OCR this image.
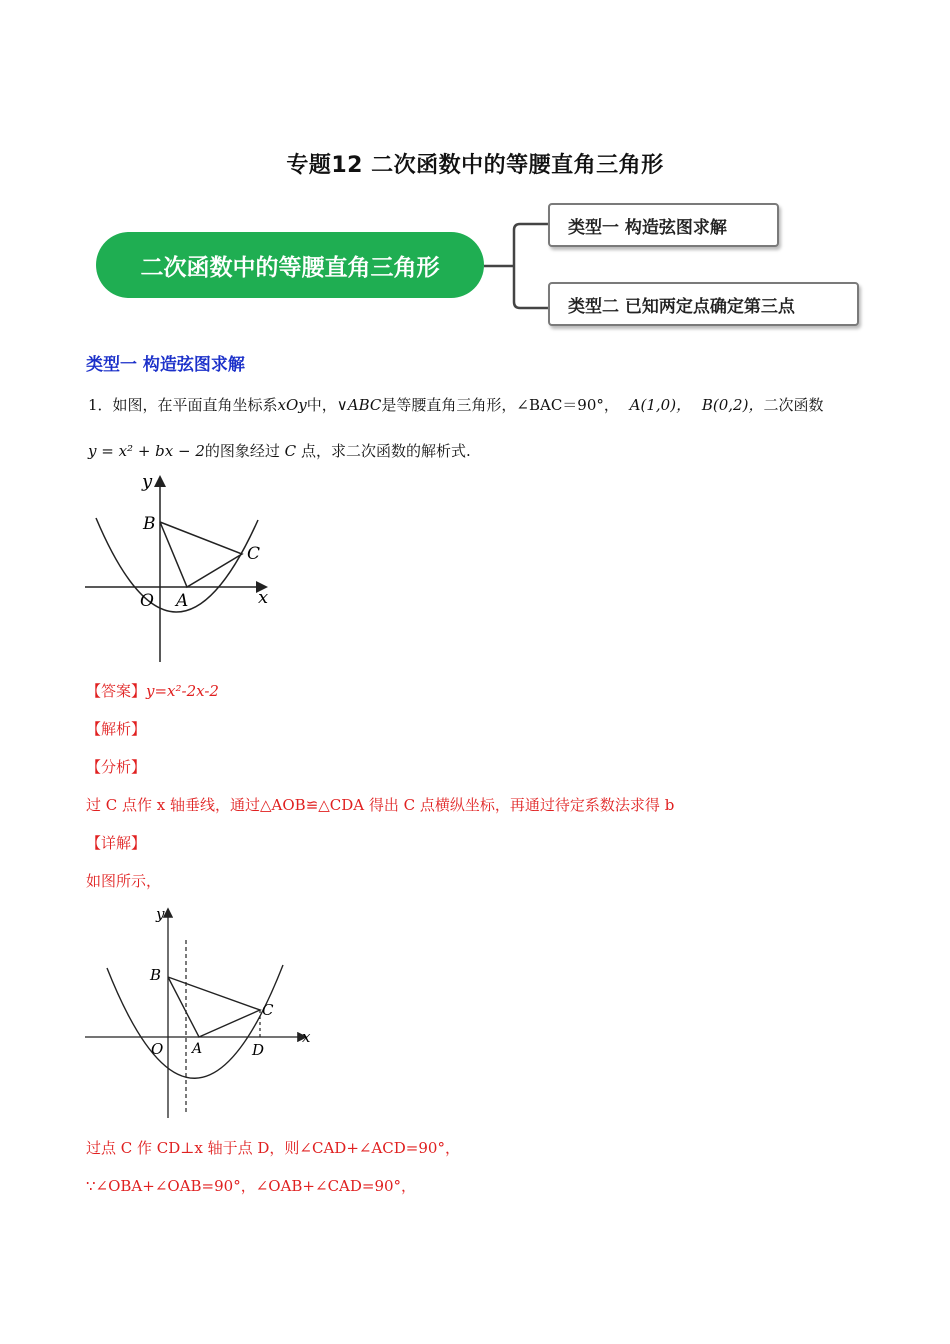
专题12 二次函数中的等腰直角三角形
二次函数中的等腰直角三角形
类型一 构造弦图求解
类型二 已知两定点确定第三点
类型一 构造弦图求解
1．如图，在平面直角坐标系xOy中，∨ABC是等腰直角三角形，∠BAC＝90°， A(1,0)， B(0,2)，二次函数
y = x² + bx − 2的图象经过 C 点，求二次函数的解析式.
y
x
B
C
O A
【答案】y=x²-2x-2
【解析】
【分析】
过 C 点作 x 轴垂线，通过△AOB≌△CDA 得出 C 点横纵坐标，再通过待定系数法求得 b
【详解】
如图所示，
y
x
B
C
O A	D
过点 C 作 CD⊥x 轴于点 D，则∠CAD+∠ACD=90°，
∵∠OBA+∠OAB=90°，∠OAB+∠CAD=90°，
